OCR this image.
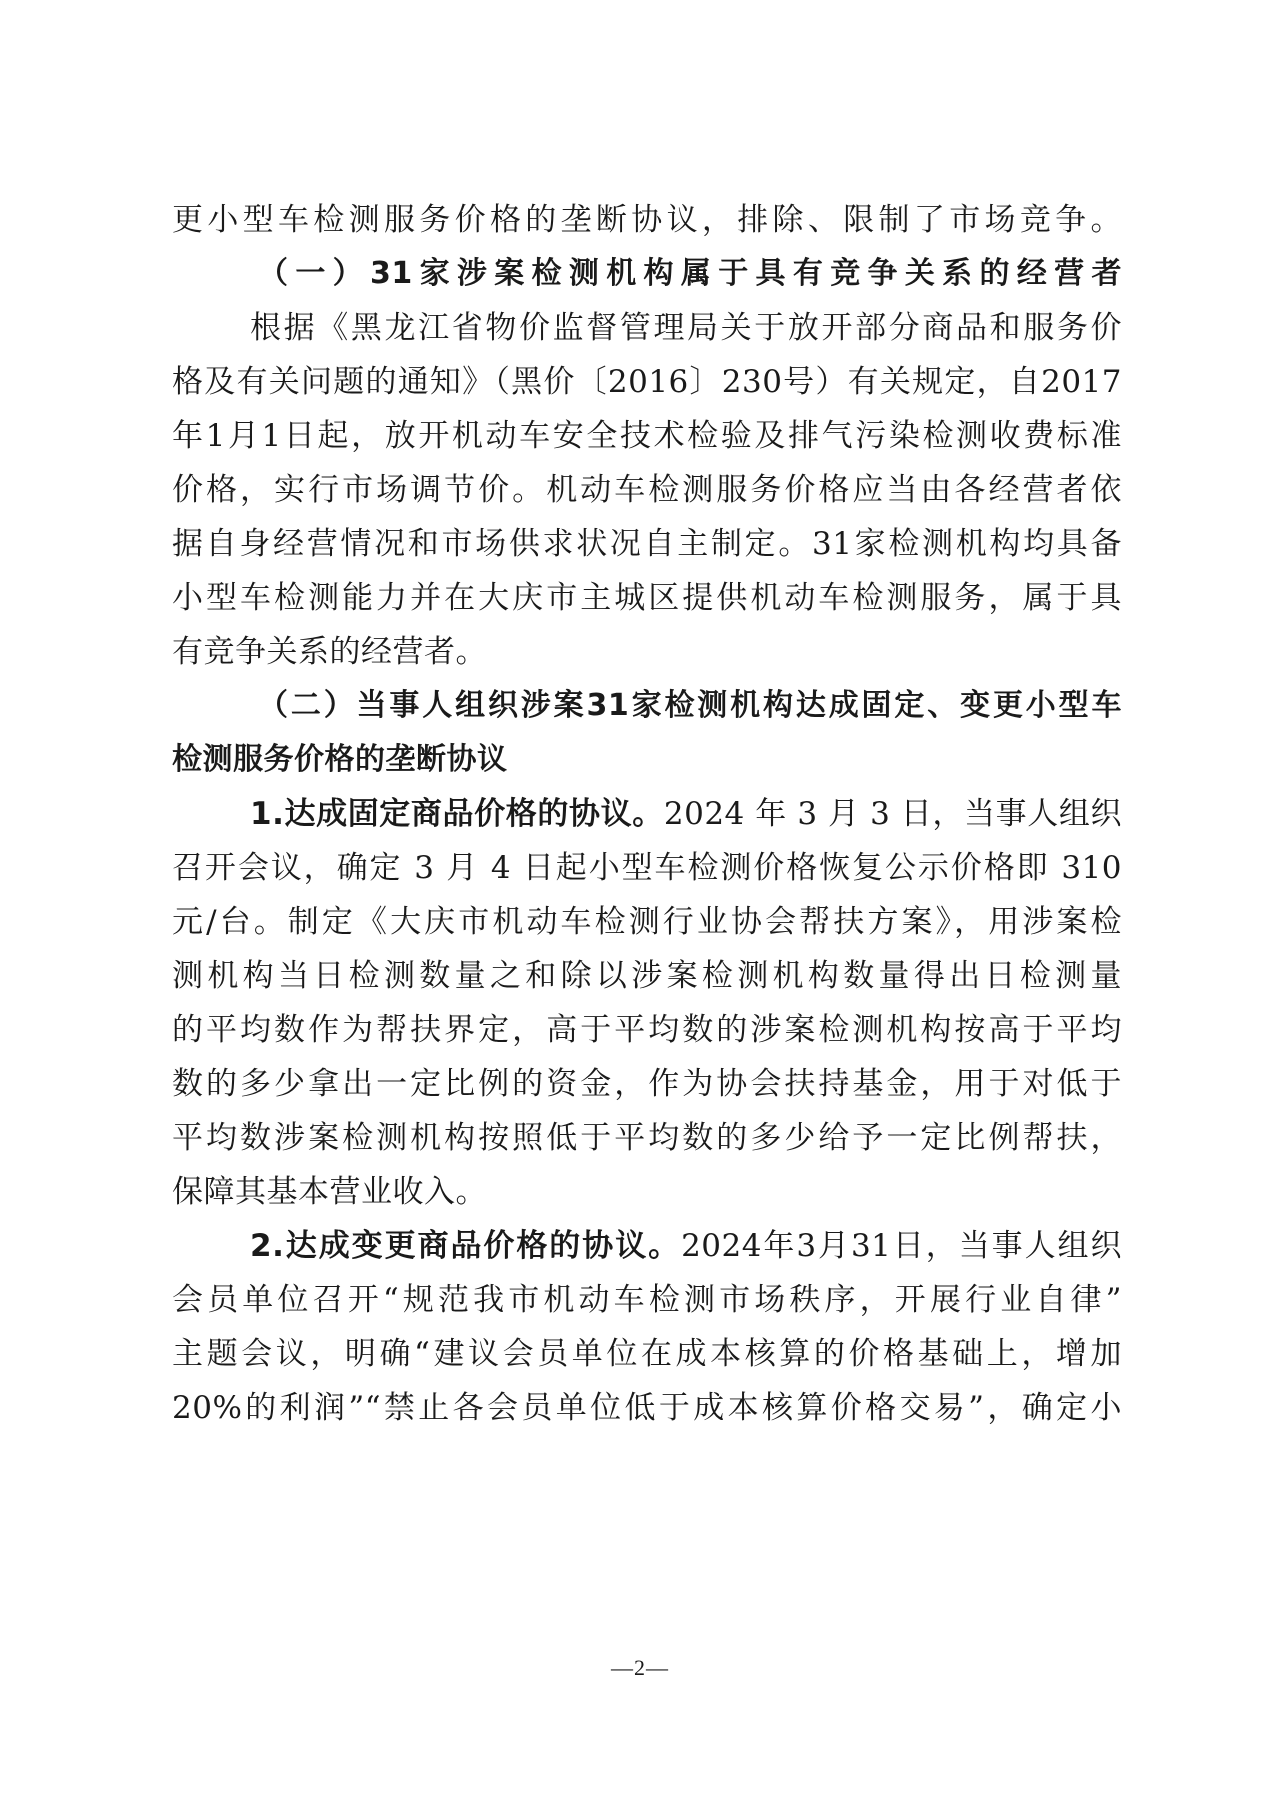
更小型车检测服务价格的垄断协议，排除、限制了市场竞争。
（一）31家涉案检测机构属于具有竞争关系的经营者
根据《黑龙江省物价监督管理局关于放开部分商品和服务价
格及有关问题的通知》（黑价〔2016〕230号）有关规定，自2017
年1月1日起，放开机动车安全技术检验及排气污染检测收费标准
价格，实行市场调节价。机动车检测服务价格应当由各经营者依
据自身经营情况和市场供求状况自主制定。31家检测机构均具备
小型车检测能力并在大庆市主城区提供机动车检测服务，属于具
有竞争关系的经营者。
（二）当事人组织涉案31家检测机构达成固定、变更小型车
检测服务价格的垄断协议
1.达成固定商品价格的协议。2024 年 3 月 3 日，当事人组织
召开会议，确定 3 月 4 日起小型车检测价格恢复公示价格即 310
元/台。制定《大庆市机动车检测行业协会帮扶方案》，用涉案检
测机构当日检测数量之和除以涉案检测机构数量得出日检测量
的平均数作为帮扶界定，高于平均数的涉案检测机构按高于平均
数的多少拿出一定比例的资金，作为协会扶持基金，用于对低于
平均数涉案检测机构按照低于平均数的多少给予一定比例帮扶，
保障其基本营业收入。
2.达成变更商品价格的协议。2024年3月31日，当事人组织
会员单位召开“规范我市机动车检测市场秩序，开展行业自律”
主题会议，明确“建议会员单位在成本核算的价格基础上，增加
20%的利润”“禁止各会员单位低于成本核算价格交易”，确定小
—2—
